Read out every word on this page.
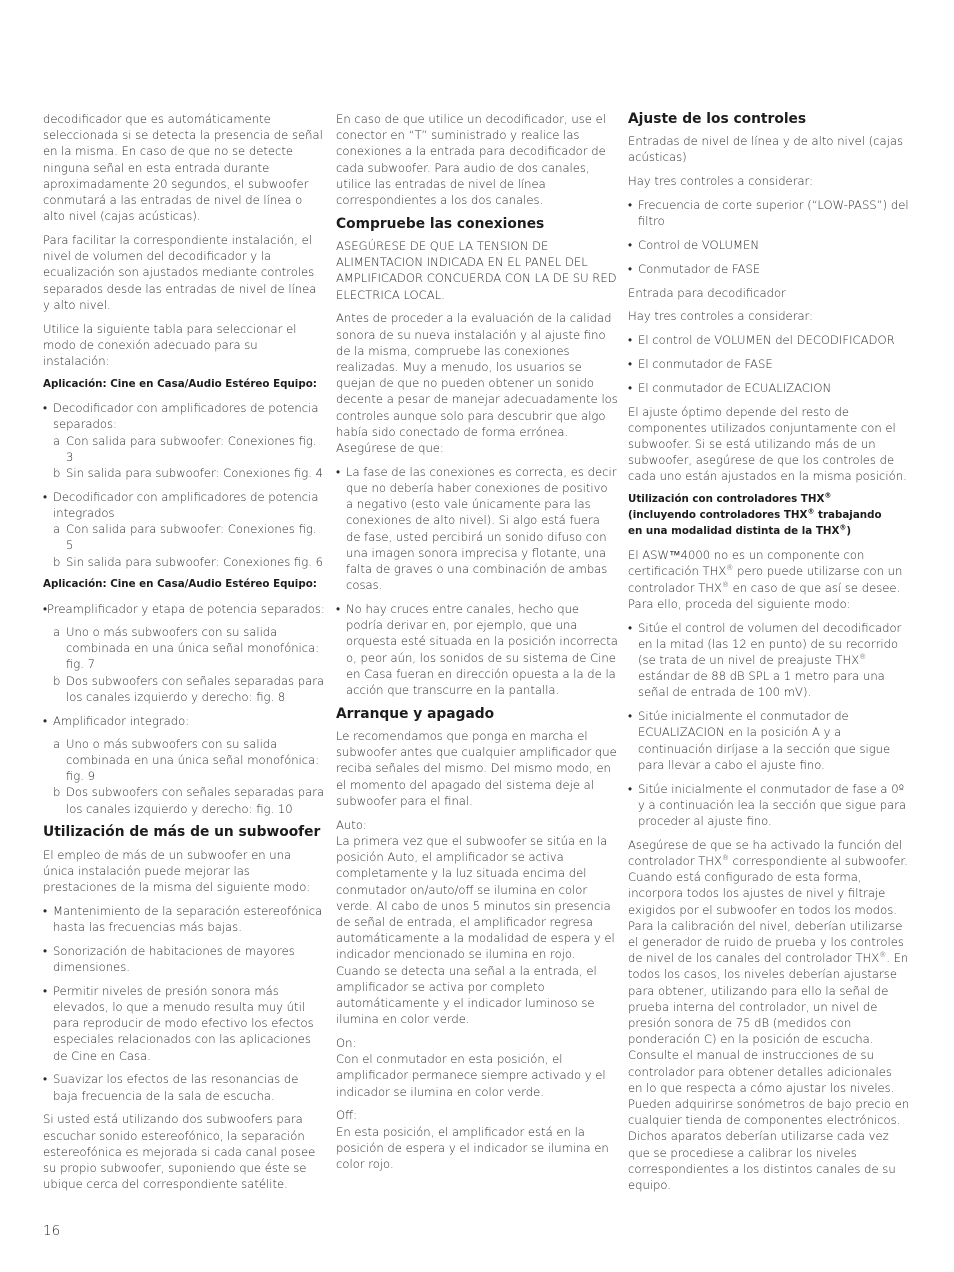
decodificador que es automáticamente seleccionada si se detecta la presencia de señal en la misma. En caso de que no se detecte ninguna señal en esta entrada durante aproximadamente 20 segundos, el subwoofer conmutará a las entradas de nivel de línea o alto nivel (cajas acústicas).

Para facilitar la correspondiente instalación, el nivel de volumen del decodificador y la ecualización son ajustados mediante controles separados desde las entradas de nivel de línea y alto nivel.

Utilice la siguiente tabla para seleccionar el modo de conexión adecuado para su instalación:

Aplicación: Cine en Casa/Audio Estéreo Equipo:
• Decodificador con amplificadores de potencia separados:
a Con salida para subwoofer: Conexiones fig. 3
b Sin salida para subwoofer: Conexiones fig. 4
• Decodificador con amplificadores de potencia integrados
a Con salida para subwoofer: Conexiones fig. 5
b Sin salida para subwoofer: Conexiones fig. 6
Aplicación: Cine en Casa/Audio Estéreo Equipo:

•Preamplificador y etapa de potencia separados:

a Uno o más subwoofers con su salida combinada en una única señal monofónica: fig. 7
b Dos subwoofers con señales separadas para los canales izquierdo y derecho: fig. 8
• Amplificador integrado:
a Uno o más subwoofers con su salida combinada en una única señal monofónica: fig. 9
b Dos subwoofers con señales separadas para los canales izquierdo y derecho: fig. 10
Utilización de más de un subwoofer

El empleo de más de un subwoofer en una única instalación puede mejorar las prestaciones de la misma del siguiente modo:

• Mantenimiento de la separación estereofónica hasta las frecuencias más bajas.
• Sonorización de habitaciones de mayores dimensiones.
• Permitir niveles de presión sonora más elevados, lo que a menudo resulta muy útil para reproducir de modo efectivo los efectos especiales relacionados con las aplicaciones de Cine en Casa.
• Suavizar los efectos de las resonancias de baja frecuencia de la sala de escucha.

Si usted está utilizando dos subwoofers para escuchar sonido estereofónico, la separación estereofónica es mejorada si cada canal posee su propio subwoofer, suponiendo que éste se ubique cerca del correspondiente satélite.

En caso de que utilice un decodificador, use el conector en “T” suministrado y realice las conexiones a la entrada para decodificador de cada subwoofer. Para audio de dos canales, utilice las entradas de nivel de línea correspondientes a los dos canales.

Compruebe las conexiones

ASEGÚRESE DE QUE LA TENSION DE ALIMENTACION INDICADA EN EL PANEL DEL AMPLIFICADOR CONCUERDA CON LA DE SU RED ELECTRICA LOCAL.

Antes de proceder a la evaluación de la calidad sonora de su nueva instalación y al ajuste fino de la misma, compruebe las conexiones realizadas. Muy a menudo, los usuarios se quejan de que no pueden obtener un sonido decente a pesar de manejar adecuadamente los controles aunque solo para descubrir que algo había sido conectado de forma errónea. Asegúrese de que:

• La fase de las conexiones es correcta, es decir que no debería haber conexiones de positivo a negativo (esto vale únicamente para las conexiones de alto nivel). Si algo está fuera de fase, usted percibirá un sonido difuso con una imagen sonora imprecisa y flotante, una falta de graves o una combinación de ambas cosas.
• No hay cruces entre canales, hecho que podría derivar en, por ejemplo, que una orquesta esté situada en la posición incorrecta o, peor aún, los sonidos de su sistema de Cine en Casa fueran en dirección opuesta a la de la acción que transcurre en la pantalla.
Arranque y apagado

Le recomendamos que ponga en marcha el subwoofer antes que cualquier amplificador que reciba señales del mismo. Del mismo modo, en el momento del apagado del sistema deje al subwoofer para el final.

Auto:
La primera vez que el subwoofer se sitúa en la posición Auto, el amplificador se activa completamente y la luz situada encima del conmutador on/auto/off se ilumina en color verde. Al cabo de unos 5 minutos sin presencia de señal de entrada, el amplificador regresa automáticamente a la modalidad de espera y el indicador mencionado se ilumina en rojo. Cuando se detecta una señal a la entrada, el amplificador se activa por completo automáticamente y el indicador luminoso se ilumina en color verde.

On:
Con el conmutador en esta posición, el amplificador permanece siempre activado y el indicador se ilumina en color verde.

Off:
En esta posición, el amplificador está en la posición de espera y el indicador se ilumina en color rojo.

Ajuste de los controles

Entradas de nivel de línea y de alto nivel (cajas acústicas)

Hay tres controles a considerar:

• Frecuencia de corte superior (“LOW-PASS”) del filtro
• Control de VOLUMEN
• Conmutador de FASE

Entrada para decodificador

Hay tres controles a considerar:

• El control de VOLUMEN del DECODIFICADOR
• El conmutador de FASE
• El conmutador de ECUALIZACION

El ajuste óptimo depende del resto de componentes utilizados conjuntamente con el subwoofer. Si se está utilizando más de un subwoofer, asegúrese de que los controles de cada uno están ajustados en la misma posición.

Utilización con controladores THX®
(incluyendo controladores THX® trabajando
en una modalidad distinta de la THX®)

El ASW™4000 no es un componente con certificación THX® pero puede utilizarse con un controlador THX® en caso de que así se desee. Para ello, proceda del siguiente modo:

• Sitúe el control de volumen del decodificador en la mitad (las 12 en punto) de su recorrido (se trata de un nivel de preajuste THX® estándar de 88 dB SPL a 1 metro para una señal de entrada de 100 mV).
• Sitúe inicialmente el conmutador de ECUALIZACION en la posición A y a continuación diríjase a la sección que sigue para llevar a cabo el ajuste fino.
• Sitúe inicialmente el conmutador de fase a 0º y a continuación lea la sección que sigue para proceder al ajuste fino.

Asegúrese de que se ha activado la función del controlador THX® correspondiente al subwoofer. Cuando está configurado de esta forma, incorpora todos los ajustes de nivel y filtraje exigidos por el subwoofer en todos los modos. Para la calibración del nivel, deberían utilizarse el generador de ruido de prueba y los controles de nivel de los canales del controlador THX®. En todos los casos, los niveles deberían ajustarse para obtener, utilizando para ello la señal de prueba interna del controlador, un nivel de presión sonora de 75 dB (medidos con ponderación C) en la posición de escucha. Consulte el manual de instrucciones de su controlador para obtener detalles adicionales en lo que respecta a cómo ajustar los niveles. Pueden adquirirse sonómetros de bajo precio en cualquier tienda de componentes electrónicos. Dichos aparatos deberían utilizarse cada vez que se procediese a calibrar los niveles correspondientes a los distintos canales de su equipo.

16
